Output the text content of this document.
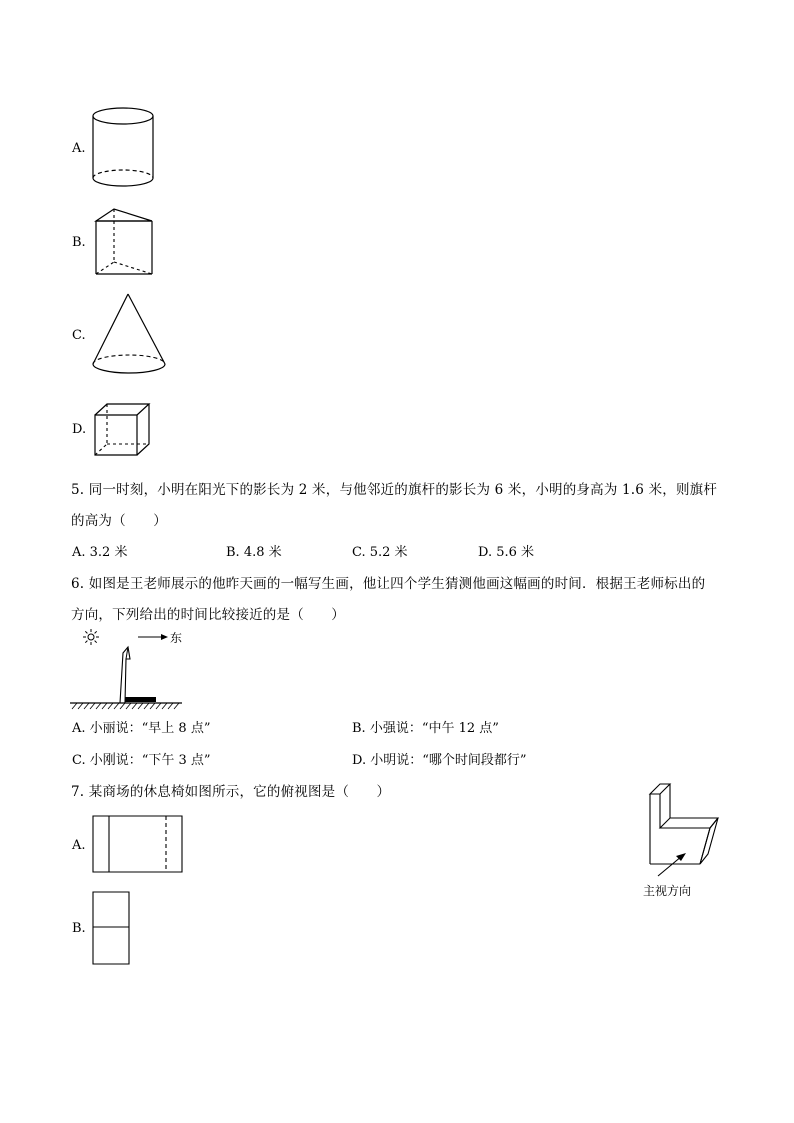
A.
B.
C.
D.
5. 同一时刻，小明在阳光下的影长为 2 米，与他邻近的旗杆的影长为 6 米，小明的身高为 1.6 米，则旗杆
的高为（　　）
A. 3.2 米	B. 4.8 米	C. 5.2 米	D. 5.6 米
6. 如图是王老师展示的他昨天画的一幅写生画，他让四个学生猜测他画这幅画的时间．根据王老师标出的
方向，下列给出的时间比较接近的是（　　）
东
A. 小丽说：“早上 8 点”	B. 小强说：“中午 12 点”
C. 小刚说：“下午 3 点”	D. 小明说：“哪个时间段都行”
7. 某商场的休息椅如图所示，它的俯视图是（　　）
主视方向
A.
B.
